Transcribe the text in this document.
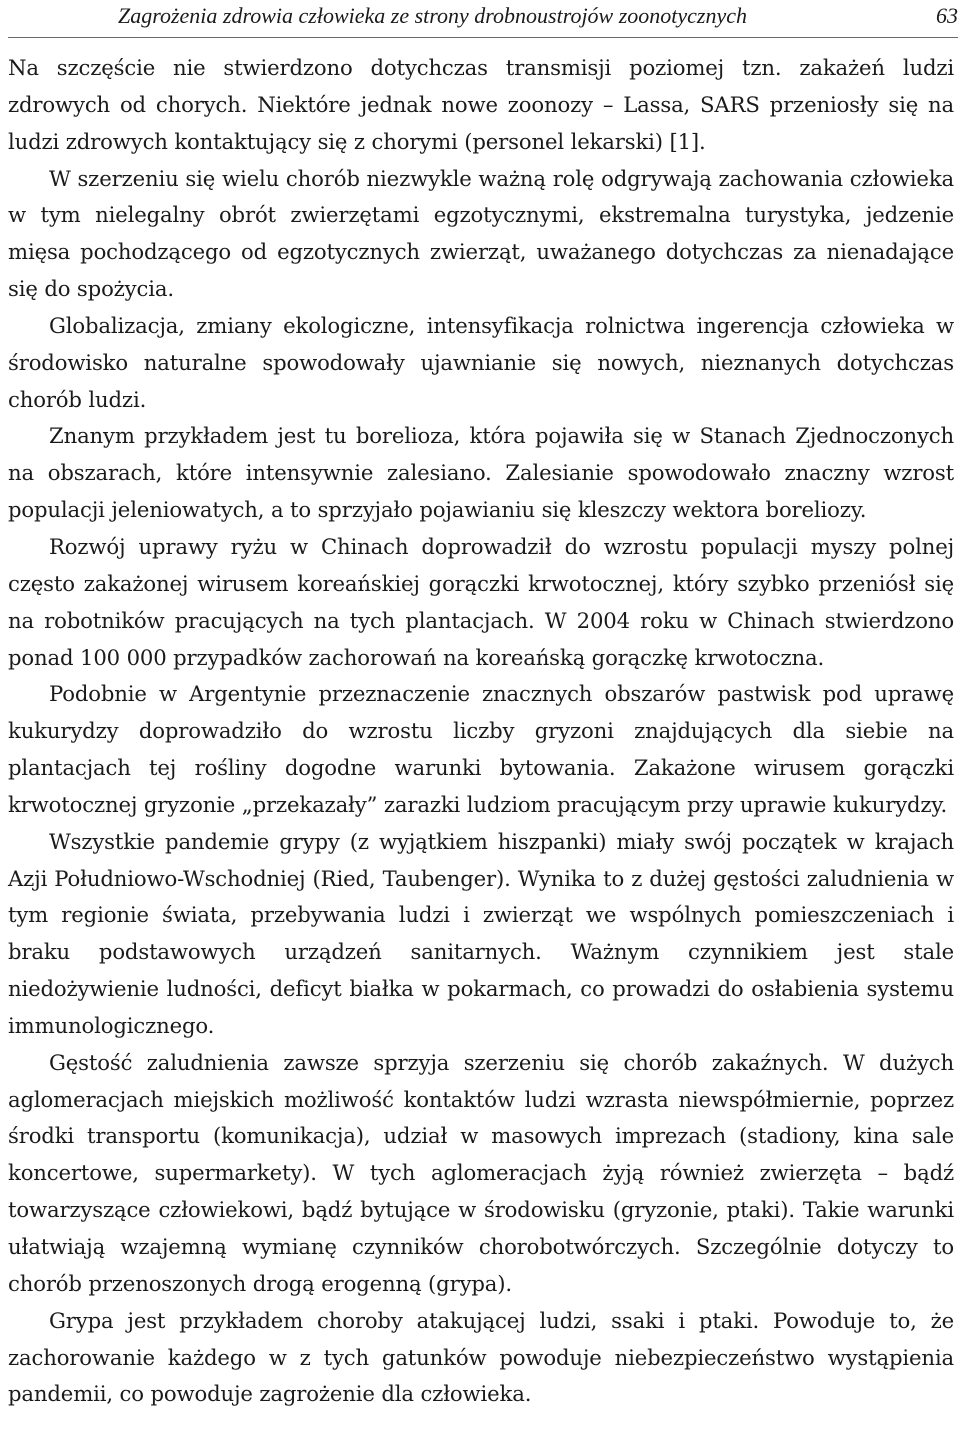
Zagrożenia zdrowia człowieka ze strony drobnoustrojów zoonotycznych	63

Na szczęście nie stwierdzono dotychczas transmisji poziomej tzn. zakażeń ludzi zdrowych od chorych. Niektóre jednak nowe zoonozy – Lassa, SARS przeniosły się na ludzi zdrowych kontaktujący się z chorymi (personel lekarski) [1].

W szerzeniu się wielu chorób niezwykle ważną rolę odgrywają zachowania człowieka w tym nielegalny obrót zwierzętami egzotycznymi, ekstremalna turystyka, jedzenie mięsa pochodzącego od egzotycznych zwierząt, uważanego dotychczas za nienadające się do spożycia.

Globalizacja, zmiany ekologiczne, intensyfikacja rolnictwa ingerencja człowieka w środowisko naturalne spowodowały ujawnianie się nowych, nieznanych dotychczas chorób ludzi.

Znanym przykładem jest tu borelioza, która pojawiła się w Stanach Zjednoczonych na obszarach, które intensywnie zalesiano. Zalesianie spowodowało znaczny wzrost populacji jeleniowatych, a to sprzyjało pojawianiu się kleszczy wektora boreliozy.

Rozwój uprawy ryżu w Chinach doprowadził do wzrostu populacji myszy polnej często zakażonej wirusem koreańskiej gorączki krwotocznej, który szybko przeniósł się na robotników pracujących na tych plantacjach. W 2004 roku w Chinach stwierdzono ponad 100 000 przypadków zachorowań na koreańską gorączkę krwotoczna.

Podobnie w Argentynie przeznaczenie znacznych obszarów pastwisk pod uprawę kukurydzy doprowadziło do wzrostu liczby gryzoni znajdujących dla siebie na plantacjach tej rośliny dogodne warunki bytowania. Zakażone wirusem gorączki krwotocznej gryzonie „przekazały” zarazki ludziom pracującym przy uprawie kukurydzy.

Wszystkie pandemie grypy (z wyjątkiem hiszpanki) miały swój początek w krajach Azji Południowo-Wschodniej (Ried, Taubenger). Wynika to z dużej gęstości zaludnienia w tym regionie świata, przebywania ludzi i zwierząt we wspólnych pomieszczeniach i braku podstawowych urządzeń sanitarnych. Ważnym czynnikiem jest stale niedożywienie ludności, deficyt białka w pokarmach, co prowadzi do osłabienia systemu immunologicznego.

Gęstość zaludnienia zawsze sprzyja szerzeniu się chorób zakaźnych. W dużych aglomeracjach miejskich możliwość kontaktów ludzi wzrasta niewspółmiernie, poprzez środki transportu (komunikacja), udział w masowych imprezach (stadiony, kina sale koncertowe, supermarkety). W tych aglomeracjach żyją również zwierzęta – bądź towarzyszące człowiekowi, bądź bytujące w środowisku (gryzonie, ptaki). Takie warunki ułatwiają wzajemną wymianę czynników chorobotwórczych. Szczególnie dotyczy to chorób przenoszonych drogą erogenną (grypa).

Grypa jest przykładem choroby atakującej ludzi, ssaki i ptaki. Powoduje to, że zachorowanie każdego w z tych gatunków powoduje niebezpieczeństwo wystąpienia pandemii, co powoduje zagrożenie dla człowieka.
